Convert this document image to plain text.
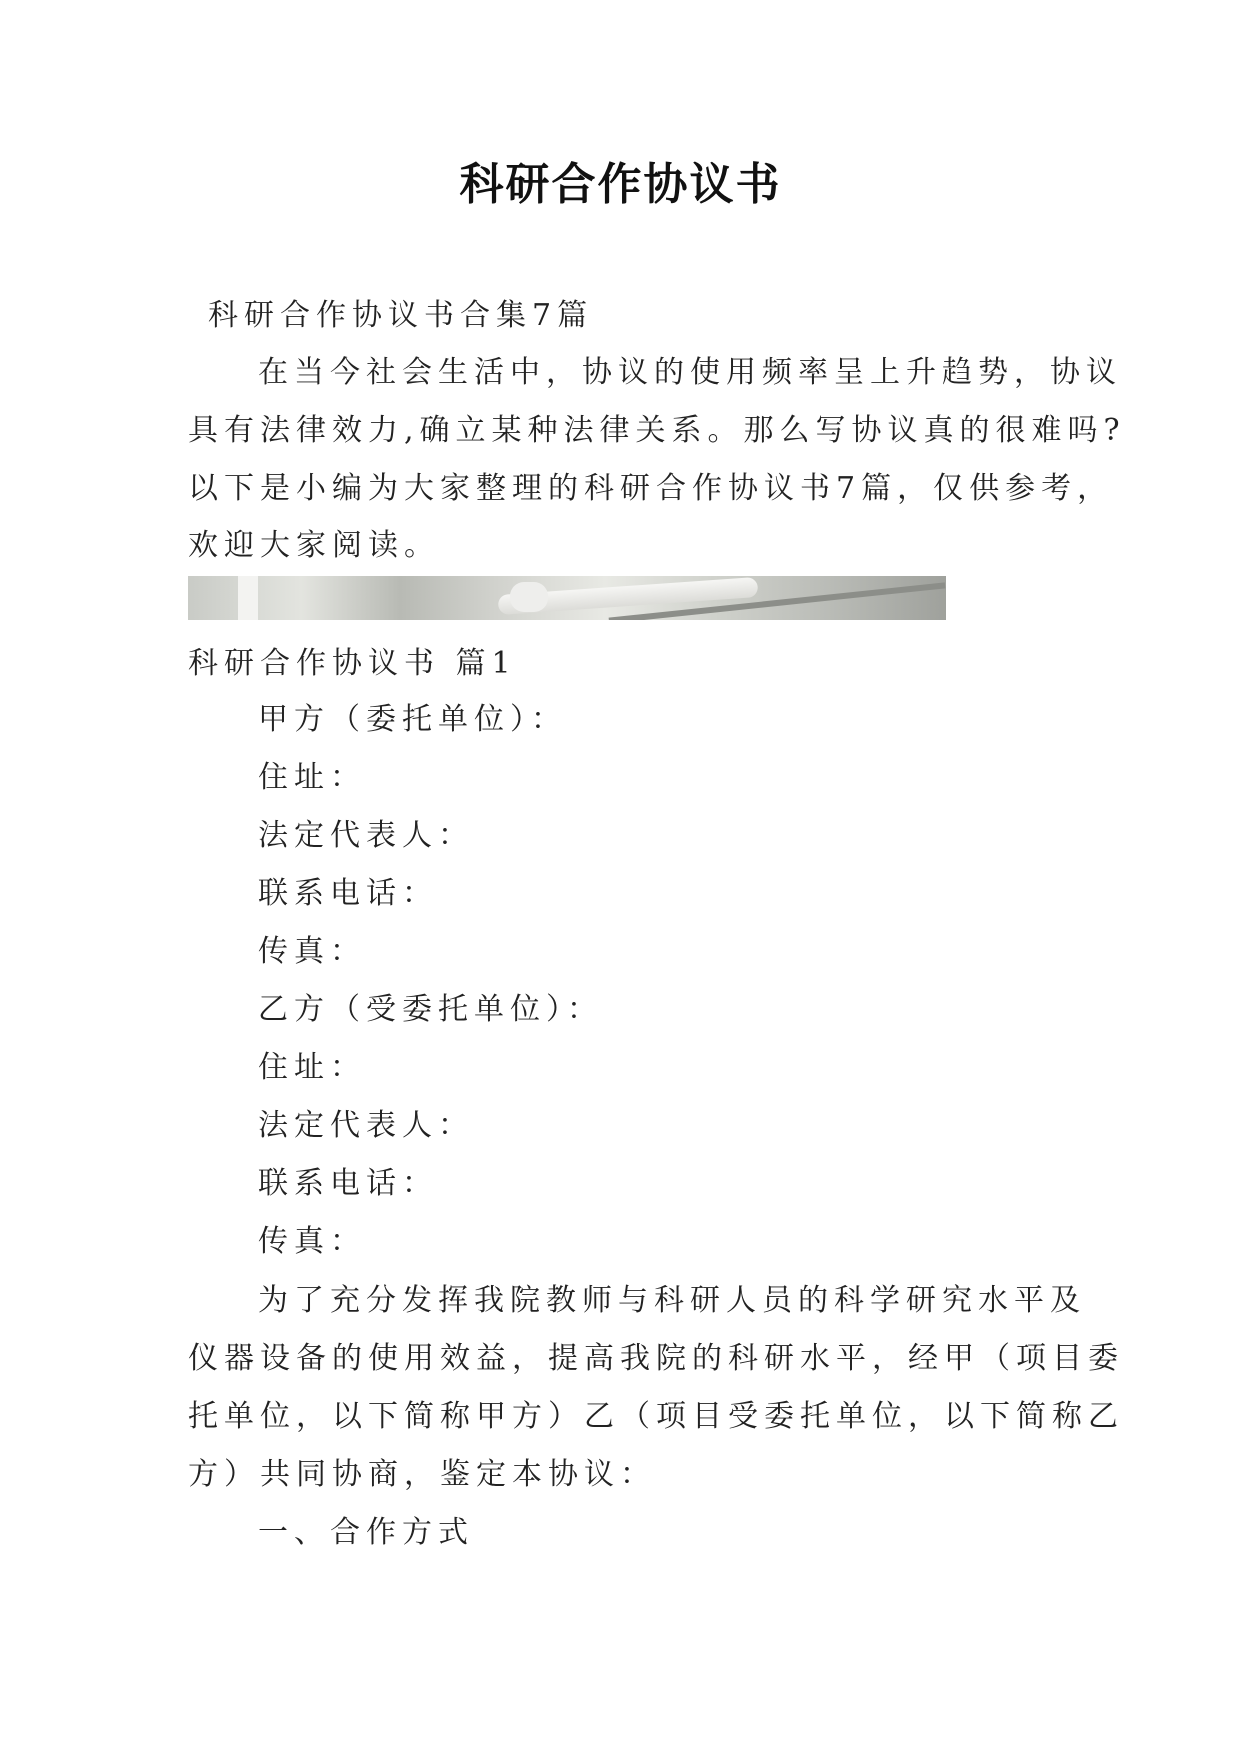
科研合作协议书
科研合作协议书合集7篇
在当今社会生活中，协议的使用频率呈上升趋势，协议
具有法律效力,确立某种法律关系。那么写协议真的很难吗?
以下是小编为大家整理的科研合作协议书7篇，仅供参考，
欢迎大家阅读。
科研合作协议书 篇1
甲方（委托单位）：
住址：
法定代表人：
联系电话：
传真：
乙方（受委托单位）：
住址：
法定代表人：
联系电话：
传真：
为了充分发挥我院教师与科研人员的科学研究水平及
仪器设备的使用效益，提高我院的科研水平，经甲（项目委
托单位，以下简称甲方）乙（项目受委托单位，以下简称乙
方）共同协商，鉴定本协议：
一、合作方式
